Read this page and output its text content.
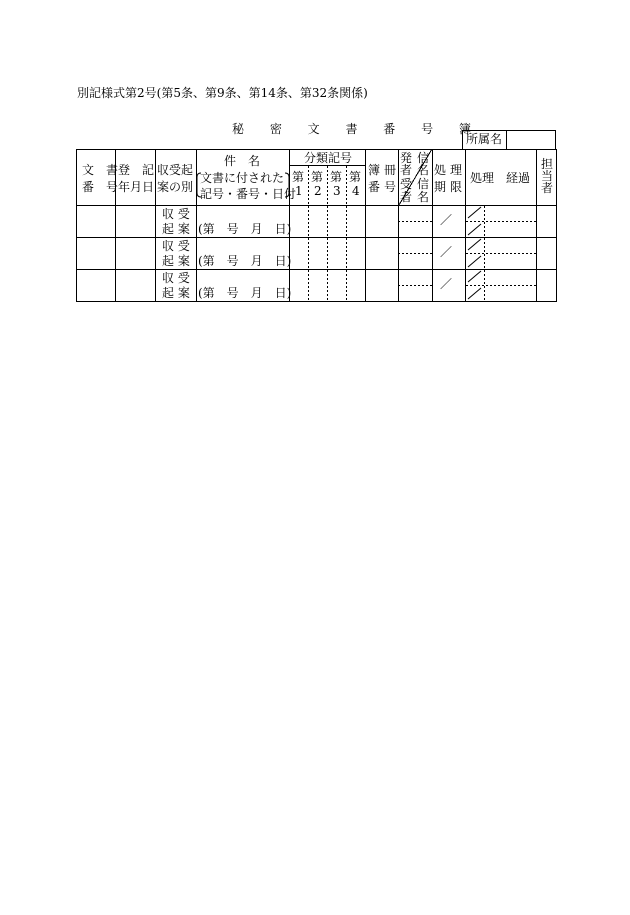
別記様式第2号(第5条、第9条、第14条、第32条関係)
秘 密 文 書 番 号 簿
所属名
文　書
番　号
登　記
年月日
収受起
案の別
件　名
文書に付された
記号・番号・日付
分類記号
第
1
第
2
第
3
第
4
簿 冊
番 号
発
者
受
者
信
名
信
名
処 理
期 限
処理　経過
担
当
者
収 受
起 案 (第　号　月　日)
／
収 受
起 案 (第　号　月　日)
／
収 受
起 案 (第　号　月　日)
／
